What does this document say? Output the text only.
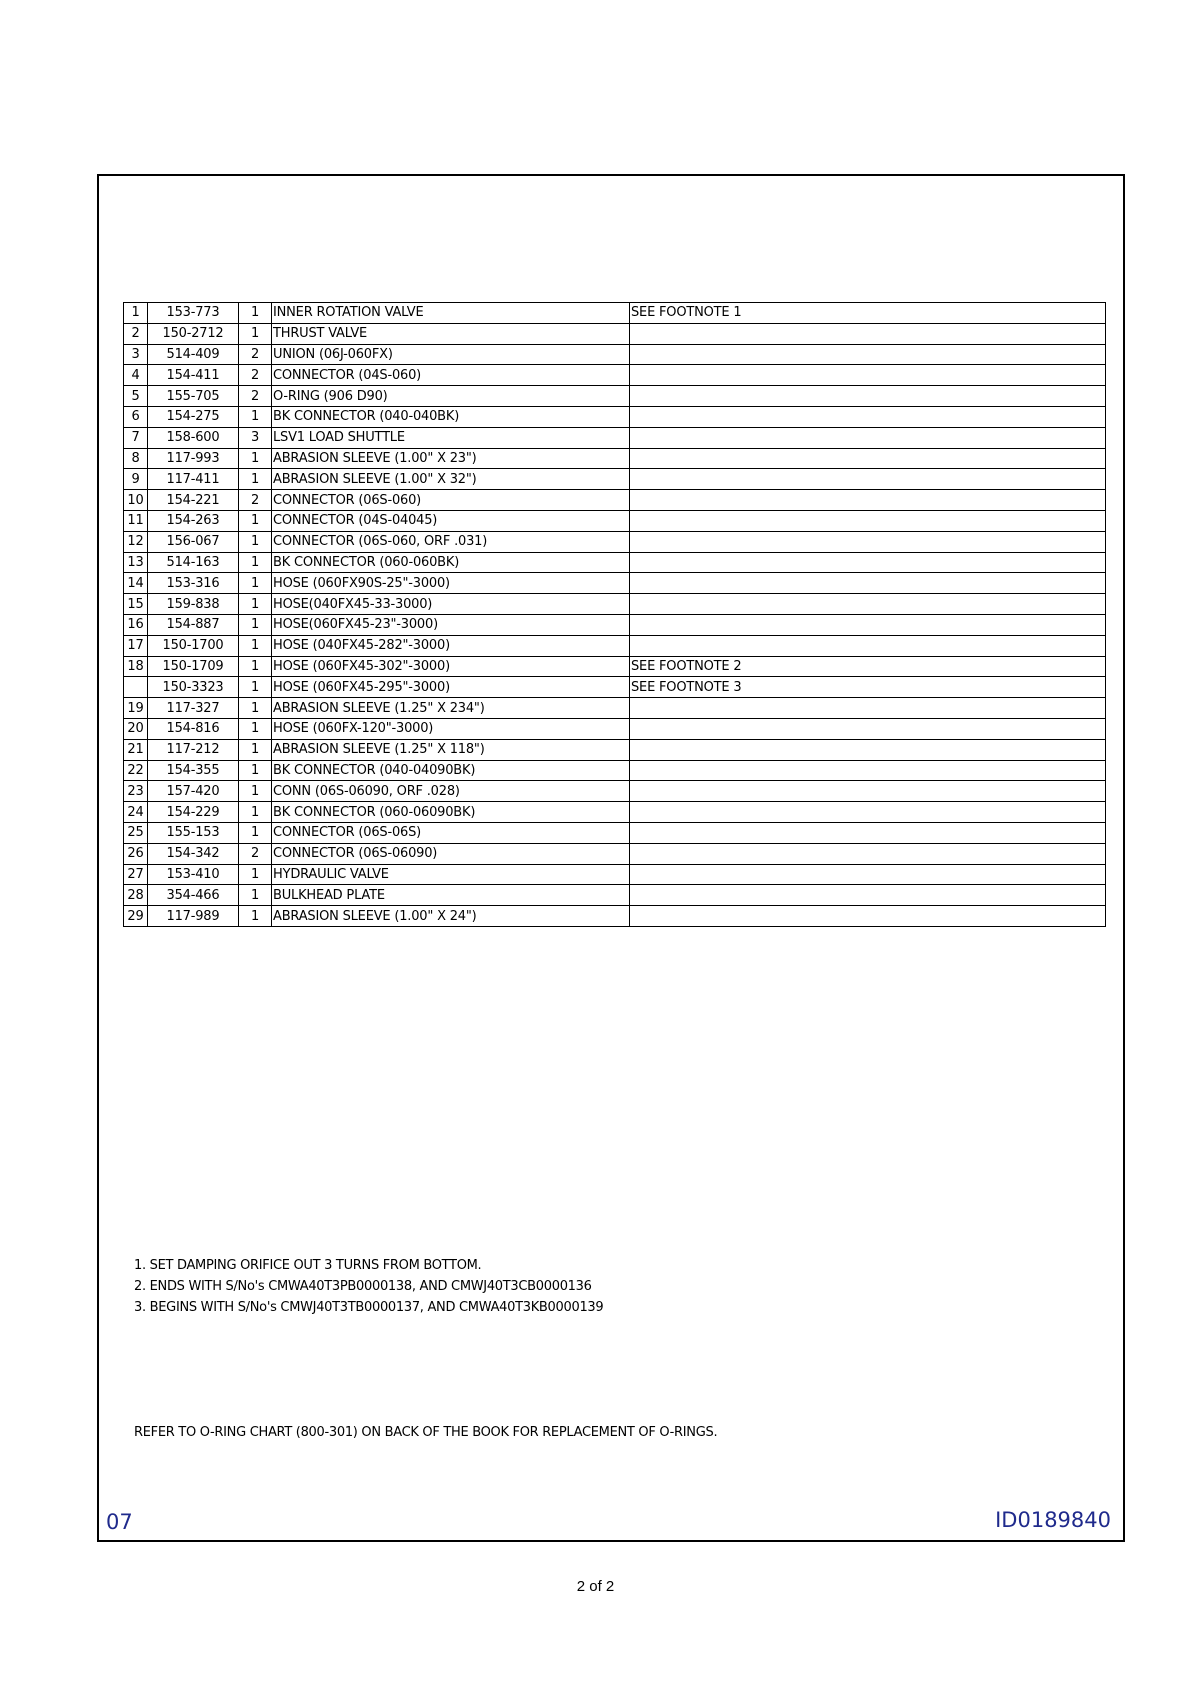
1	153-773	1	INNER ROTATION VALVE	SEE FOOTNOTE 1
2	150-2712	1	THRUST VALVE	
3	514-409	2	UNION (06J-060FX)	
4	154-411	2	CONNECTOR (04S-060)	
5	155-705	2	O-RING (906 D90)	
6	154-275	1	BK CONNECTOR (040-040BK)	
7	158-600	3	LSV1 LOAD SHUTTLE	
8	117-993	1	ABRASION SLEEVE (1.00" X 23")	
9	117-411	1	ABRASION SLEEVE (1.00" X 32")	
10	154-221	2	CONNECTOR (06S-060)	
11	154-263	1	CONNECTOR (04S-04045)	
12	156-067	1	CONNECTOR (06S-060, ORF .031)	
13	514-163	1	BK CONNECTOR (060-060BK)	
14	153-316	1	HOSE (060FX90S-25"-3000)	
15	159-838	1	HOSE(040FX45-33-3000)	
16	154-887	1	HOSE(060FX45-23"-3000)	
17	150-1700	1	HOSE (040FX45-282"-3000)	
18	150-1709	1	HOSE (060FX45-302"-3000)	SEE FOOTNOTE 2
	150-3323	1	HOSE (060FX45-295"-3000)	SEE FOOTNOTE 3
19	117-327	1	ABRASION SLEEVE (1.25" X 234")	
20	154-816	1	HOSE (060FX-120"-3000)	
21	117-212	1	ABRASION SLEEVE (1.25" X 118")	
22	154-355	1	BK CONNECTOR (040-04090BK)	
23	157-420	1	CONN (06S-06090, ORF .028)	
24	154-229	1	BK CONNECTOR (060-06090BK)	
25	155-153	1	CONNECTOR (06S-06S)	
26	154-342	2	CONNECTOR (06S-06090)	
27	153-410	1	HYDRAULIC VALVE	
28	354-466	1	BULKHEAD PLATE	
29	117-989	1	ABRASION SLEEVE (1.00" X 24")	
1. SET DAMPING ORIFICE OUT 3 TURNS FROM BOTTOM.
2. ENDS WITH S/No's CMWA40T3PB0000138, AND CMWJ40T3CB0000136
3. BEGINS WITH S/No's CMWJ40T3TB0000137, AND CMWA40T3KB0000139
REFER TO O-RING CHART (800-301) ON BACK OF THE BOOK FOR REPLACEMENT OF O-RINGS.
07	ID0189840
2 of 2
